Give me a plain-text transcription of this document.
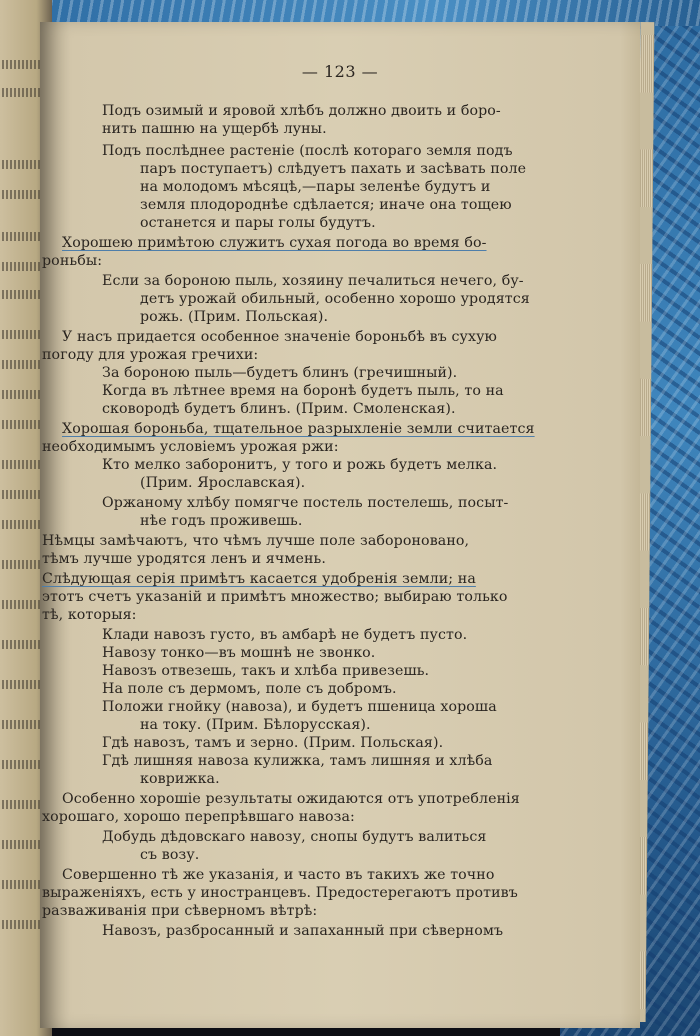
— 123 —
Подъ озимый и яровой хлѣбъ должно двоить и боро-
нить пашню на ущербѣ луны.
Подъ послѣднее растеніе (послѣ котораго земля подъ
паръ поступаетъ) слѣдуетъ пахать и засѣвать поле
на молодомъ мѣсяцѣ,—пары зеленѣе будутъ и
земля плодороднѣе сдѣлается; иначе она тощею
останется и пары голы будутъ.
Хорошею примѣтою служитъ сухая погода во время бо-
роньбы:
Если за бороною пыль, хозяину печалиться нечего, бу-
детъ урожай обильный, особенно хорошо уродятся
рожь. (Прим. Польская).
У насъ придается особенное значеніе бороньбѣ въ сухую
погоду для урожая гречихи:
За бороною пыль—будетъ блинъ (гречишный).
Когда въ лѣтнее время на боронѣ будетъ пыль, то на
сковородѣ будетъ блинъ. (Прим. Смоленская).
Хорошая бороньба, тщательное разрыхленіе земли считается
необходимымъ условіемъ урожая ржи:
Кто мелко заборонитъ, у того и рожь будетъ мелка.
(Прим. Ярославская).
Оржаному хлѣбу помягче постель постелешь, посыт-
нѣе годъ проживешь.
Нѣмцы замѣчаютъ, что чѣмъ лучше поле заборонованo,
тѣмъ лучше уродятся ленъ и ячмень.
Слѣдующая серія примѣтъ касается удобренія земли; на
этотъ счетъ указаній и примѣтъ множество; выбираю только
тѣ, которыя:
Клади навозъ густо, въ амбарѣ не будетъ пусто.
Навозу тонко—въ мошнѣ не звонко.
Навозъ отвезешь, такъ и хлѣба привезешь.
На поле съ дермомъ, поле съ добромъ.
Положи гнойку (навоза), и будетъ пшеница хороша
на току. (Прим. Бѣлорусская).
Гдѣ навозъ, тамъ и зерно. (Прим. Польская).
Гдѣ лишняя навоза кулижка, тамъ лишняя и хлѣба
коврижка.
Особенно хорошіе результаты ожидаются отъ употребленія
хорошаго, хорошо перепрѣвшаго навоза:
Добудь дѣдовскаго навозу, снопы будутъ валиться
съ возу.
Совершенно тѣ же указанія, и часто въ такихъ же точно
выраженіяхъ, есть у иностранцевъ. Предостерегаютъ противъ
разваживанія при сѣверномъ вѣтрѣ:
Навозъ, разбросанный и запаханный при сѣверномъ
